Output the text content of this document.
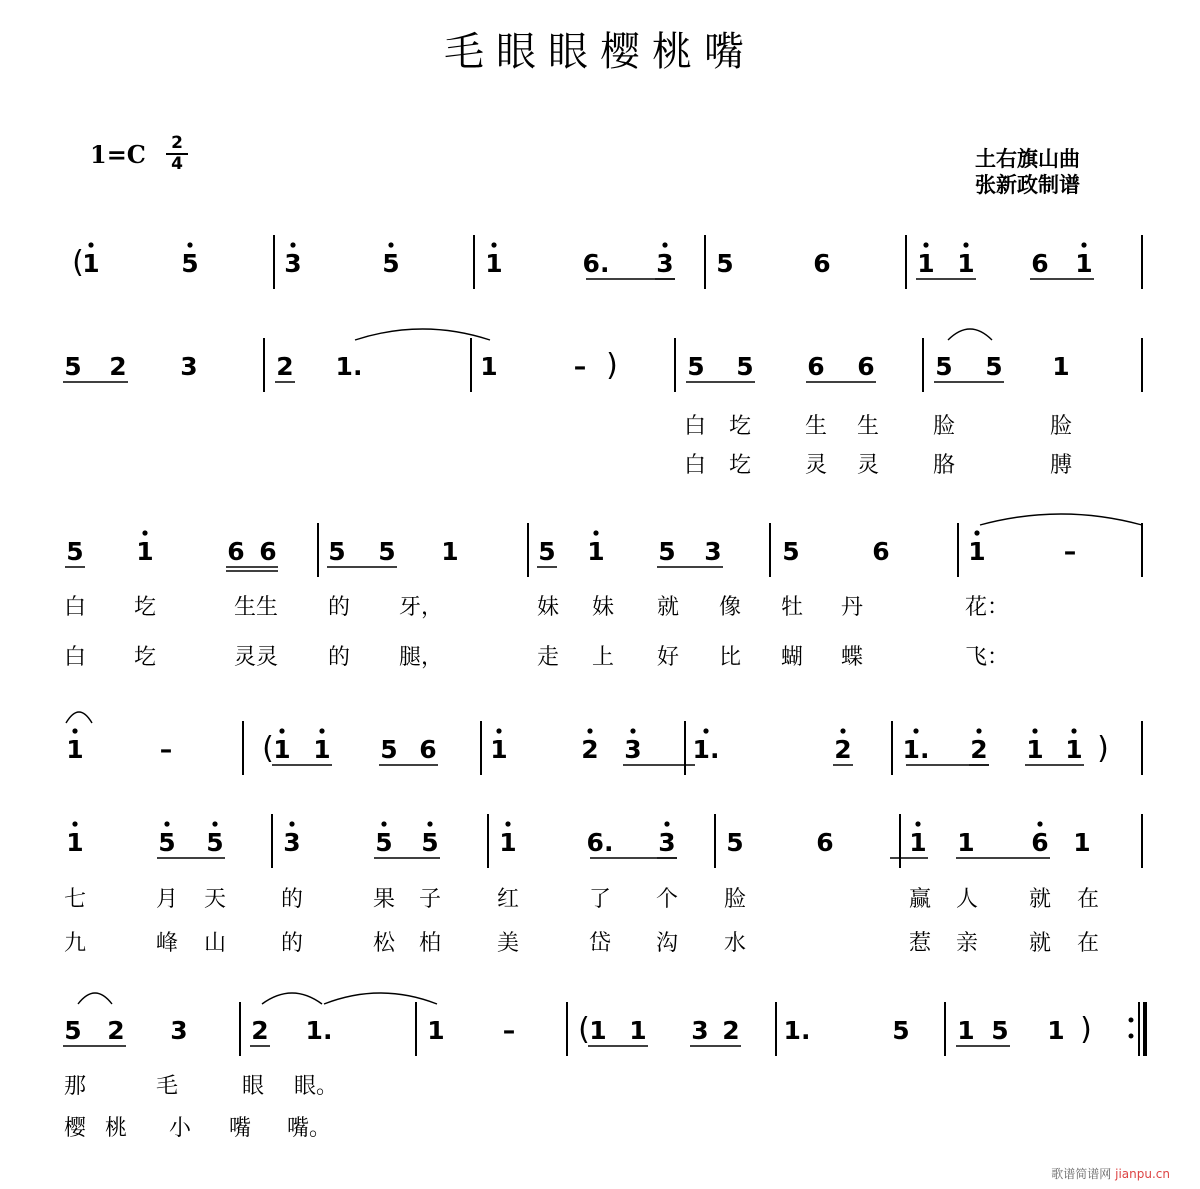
毛眼眼樱桃嘴
$1=C \frac{2}{4}$	土右旗山曲
张新政制谱
(
1	5	3	5	1	6. 3 5	6	1 1 6 1
5 2 3	2 1.	1	– )	5 5 6 6 5 5 1
白 圪 生 生 脸	脸
白 圪 灵 灵 胳	膊
5 1	6 6 5 5 1	5 1 5 3 5	6	1	–
白 圪	生生 的 牙，	妹 妹 就 像 牡 丹	花：
白 圪	灵灵 的 腿，	走 上 好 比 蝴 蝶	飞：
1	–	( 1 1 5 6 1	2 3 1.	2 1. 2 1 1 )
1	5 5 3	5 5 1	6. 3 5	6	1 1 6 1
七	月 天 的	果 子	红	了 个 脸	赢 人 就 在
九	峰 山 的	松 柏	美	岱 沟 水	惹 亲 就 在
5 2 3	2 1.	1 – ( 1 1 3 2 1.	5 1 5 1 )
那	毛	眼 眼。
樱 桃 小 嘴 嘴。
歌谱简谱网 jianpu.cn
